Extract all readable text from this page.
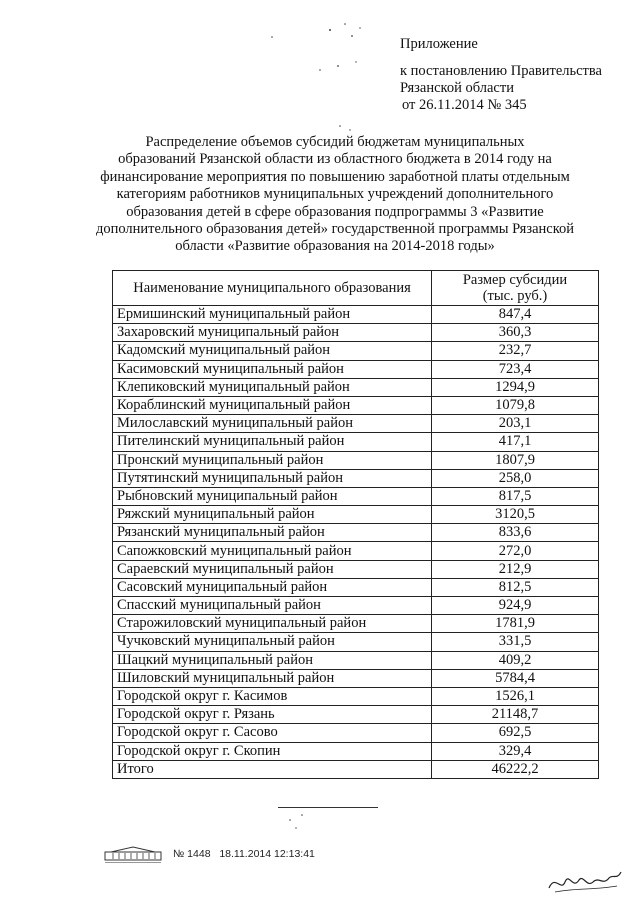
Приложение
к постановлению Правительства
Рязанской области
от 26.11.2014 № 345
Распределение объемов субсидий бюджетам муниципальных
образований Рязанской области из областного бюджета в 2014 году на
финансирование мероприятия по повышению заработной платы отдельным
категориям работников муниципальных учреждений дополнительного
образования детей в сфере образования подпрограммы 3 «Развитие
дополнительного образования детей» государственной программы Рязанской
области «Развитие образования на 2014-2018 годы»
Наименование муниципального образования	Размер субсидии
(тыс. руб.)
Ермишинский муниципальный район	847,4
Захаровский муниципальный район	360,3
Кадомский муниципальный район	232,7
Касимовский муниципальный район	723,4
Клепиковский муниципальный район	1294,9
Кораблинский муниципальный район	1079,8
Милославский муниципальный район	203,1
Пителинский муниципальный район	417,1
Пронский муниципальный район	1807,9
Путятинский муниципальный район	258,0
Рыбновский муниципальный район	817,5
Ряжский муниципальный район	3120,5
Рязанский муниципальный район	833,6
Сапожковский муниципальный район	272,0
Сараевский муниципальный район	212,9
Сасовский муниципальный район	812,5
Спасский муниципальный район	924,9
Старожиловский муниципальный район	1781,9
Чучковский муниципальный район	331,5
Шацкий муниципальный район	409,2
Шиловский муниципальный район	5784,4
Городской округ г. Касимов	1526,1
Городской округ г. Рязань	21148,7
Городской округ г. Сасово	692,5
Городской округ г. Скопин	329,4
Итого	46222,2
№ 1448 18.11.2014 12:13:41
